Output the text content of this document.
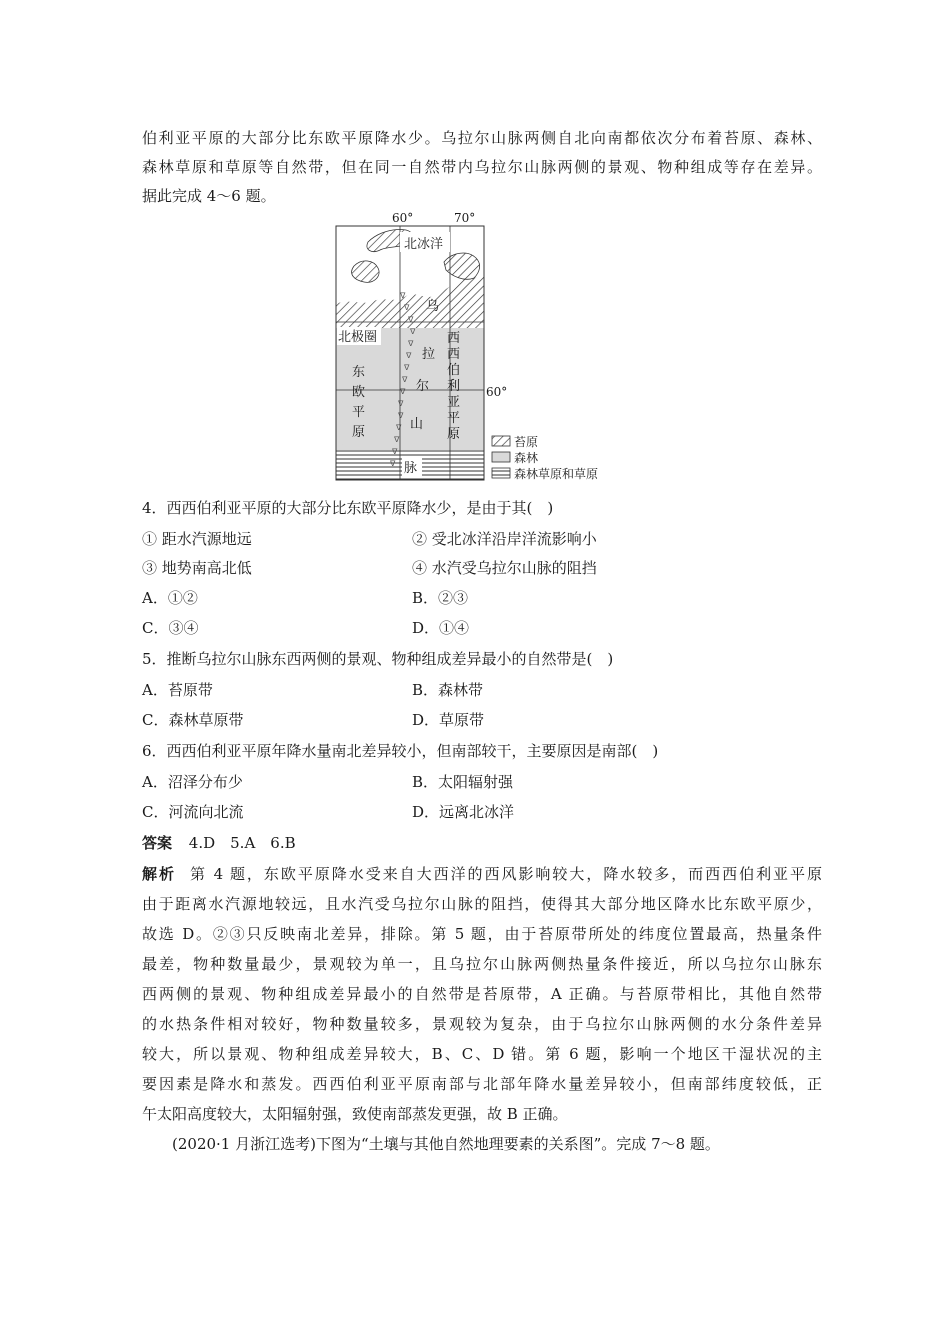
伯利亚平原的大部分比东欧平原降水少。乌拉尔山脉两侧自北向南都依次分布着苔原、森林、
森林草原和草原等自然带，但在同一自然带内乌拉尔山脉两侧的景观、物种组成等存在差异。
据此完成 4～6 题。
ᐁ
ᐁ
ᐁ
ᐁ
ᐁ
ᐁ
ᐁ
ᐁ
ᐁ
ᐁ
ᐁ
ᐁ
ᐁ
ᐁ
ᐁ
60°	70°
60°
北冰洋
北极圈
乌
拉
尔
山
脉
东
欧
平
原
西
西
伯
利
亚
平
原	苔原
森林
森林草原和草原
4．西西伯利亚平原的大部分比东欧平原降水少，是由于其(　)
① 距水汽源地远	② 受北冰洋沿岸洋流影响小
③ 地势南高北低	④ 水汽受乌拉尔山脉的阻挡
A．①②	B．②③
C．③④	D．①④
5．推断乌拉尔山脉东西两侧的景观、物种组成差异最小的自然带是(　)
A．苔原带	B．森林带
C．森林草原带	D．草原带
6．西西伯利亚平原年降水量南北差异较小，但南部较干，主要原因是南部(　)
A．沼泽分布少	B．太阳辐射强
C．河流向北流	D．远离北冰洋
答案 4.D　5.A　6.B
解析 第 4 题，东欧平原降水受来自大西洋的西风影响较大，降水较多，而西西伯利亚平原
由于距离水汽源地较远，且水汽受乌拉尔山脉的阻挡，使得其大部分地区降水比东欧平原少，
故选 D。②③只反映南北差异，排除。第 5 题，由于苔原带所处的纬度位置最高，热量条件
最差，物种数量最少，景观较为单一，且乌拉尔山脉两侧热量条件接近，所以乌拉尔山脉东
西两侧的景观、物种组成差异最小的自然带是苔原带，A 正确。与苔原带相比，其他自然带
的水热条件相对较好，物种数量较多，景观较为复杂，由于乌拉尔山脉两侧的水分条件差异
较大，所以景观、物种组成差异较大，B、C、D 错。第 6 题，影响一个地区干湿状况的主
要因素是降水和蒸发。西西伯利亚平原南部与北部年降水量差异较小，但南部纬度较低，正
午太阳高度较大，太阳辐射强，致使南部蒸发更强，故 B 正确。
(2020·1 月浙江选考)下图为“土壤与其他自然地理要素的关系图”。完成 7～8 题。
